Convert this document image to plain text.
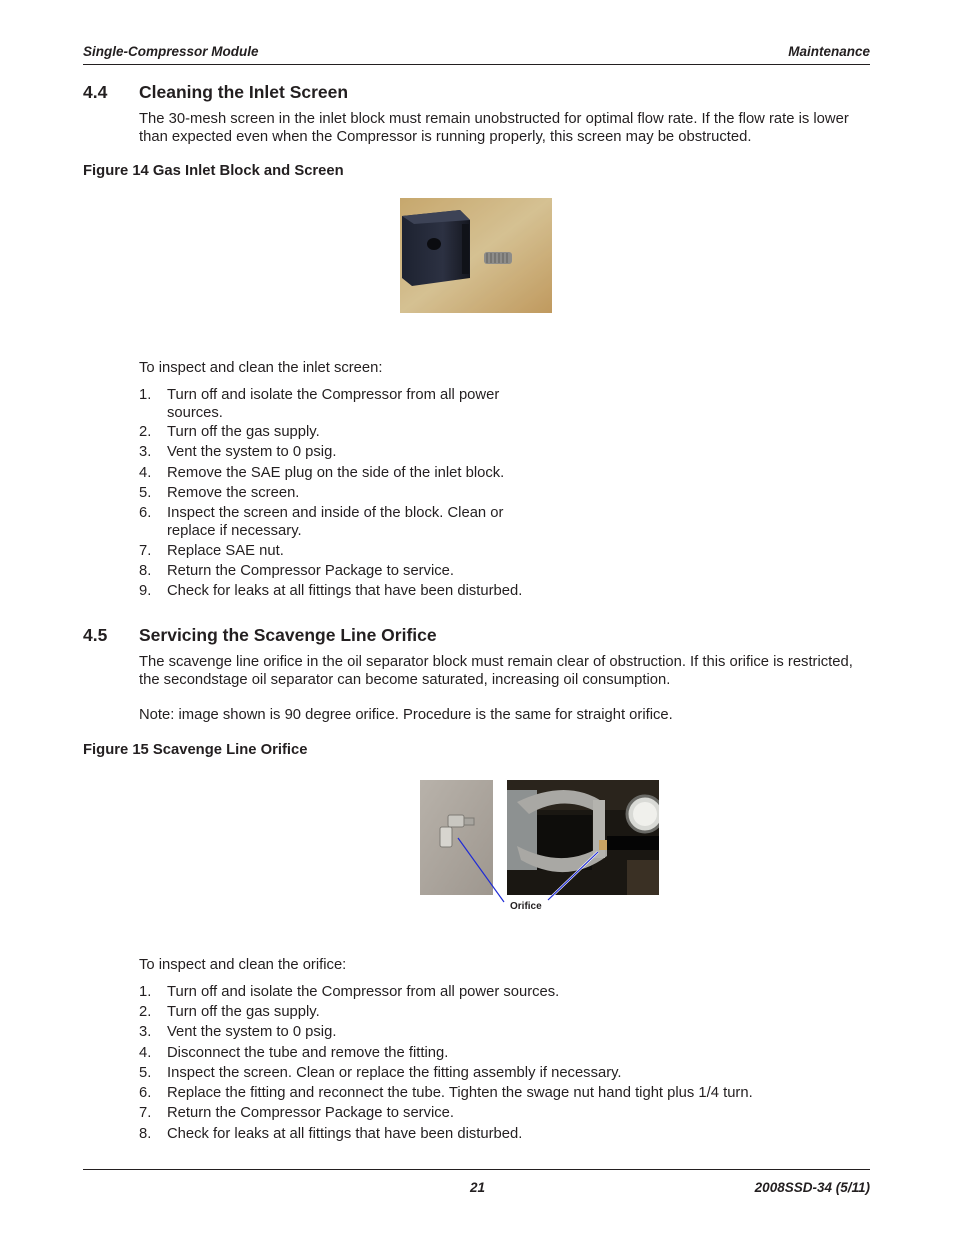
Single-Compressor Module	Maintenance
4.4 Cleaning the Inlet Screen
The 30-mesh screen in the inlet block must remain unobstructed for optimal flow rate. If the flow rate is lower than expected even when the Compressor is running properly, this screen may be obstructed.
Figure 14 Gas Inlet Block and Screen
To inspect and clean the inlet screen:
1.	Turn off and isolate the Compressor from all power sources.
2.	Turn off the gas supply.
3.	Vent the system to 0 psig.
4.	Remove the SAE plug on the side of the inlet block.
5.	Remove the screen.
6.	Inspect the screen and inside of the block. Clean or replace if necessary.
7.	Replace SAE nut.
8.	Return the Compressor Package to service.
9.	Check for leaks at all fittings that have been disturbed.
4.5 Servicing the Scavenge Line Orifice
The scavenge line orifice in the oil separator block must remain clear of obstruction. If this orifice is restricted, the secondstage oil separator can become saturated, increasing oil consumption.
Note: image shown is 90 degree orifice. Procedure is the same for straight orifice.
Figure 15 Scavenge Line Orifice
Orifice
To inspect and clean the orifice:
1.	Turn off and isolate the Compressor from all power sources.
2.	Turn off the gas supply.
3.	Vent the system to 0 psig.
4.	Disconnect the tube and remove the fitting.
5.	Inspect the screen. Clean or replace the fitting assembly if necessary.
6.	Replace the fitting and reconnect the tube. Tighten the swage nut hand tight plus 1/4 turn.
7.	Return the Compressor Package to service.
8.	Check for leaks at all fittings that have been disturbed.
21	2008SSD-34 (5/11)
